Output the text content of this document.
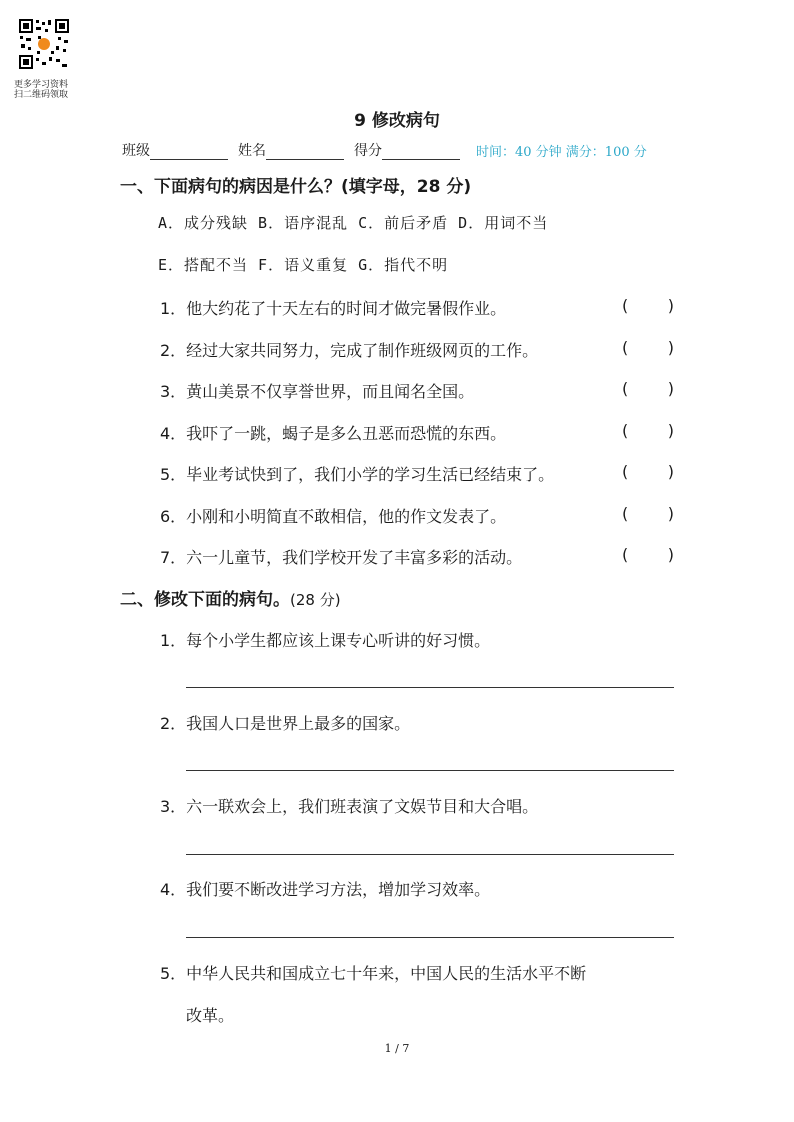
更多学习资料
扫二维码领取
9 修改病句
班级	姓名	得分	时间：40 分钟 满分：100 分
一、下面病句的病因是什么？(填字母，28 分)
A．成分残缺 B．语序混乱 C．前后矛盾 D．用词不当
E．搭配不当 F．语义重复 G．指代不明
1．他大约花了十天左右的时间才做完暑假作业。	( )
2．经过大家共同努力，完成了制作班级网页的工作。	( )
3．黄山美景不仅享誉世界，而且闻名全国。	( )
4．我吓了一跳，蝎子是多么丑恶而恐慌的东西。	( )
5．毕业考试快到了，我们小学的学习生活已经结束了。	( )
6．小刚和小明简直不敢相信，他的作文发表了。	( )
7．六一儿童节，我们学校开发了丰富多彩的活动。	( )
二、修改下面的病句。(28 分)
1．每个小学生都应该上课专心听讲的好习惯。
2．我国人口是世界上最多的国家。
3．六一联欢会上，我们班表演了文娱节目和大合唱。
4．我们要不断改进学习方法，增加学习效率。
5．中华人民共和国成立七十年来，中国人民的生活水平不断
改革。
1 / 7
